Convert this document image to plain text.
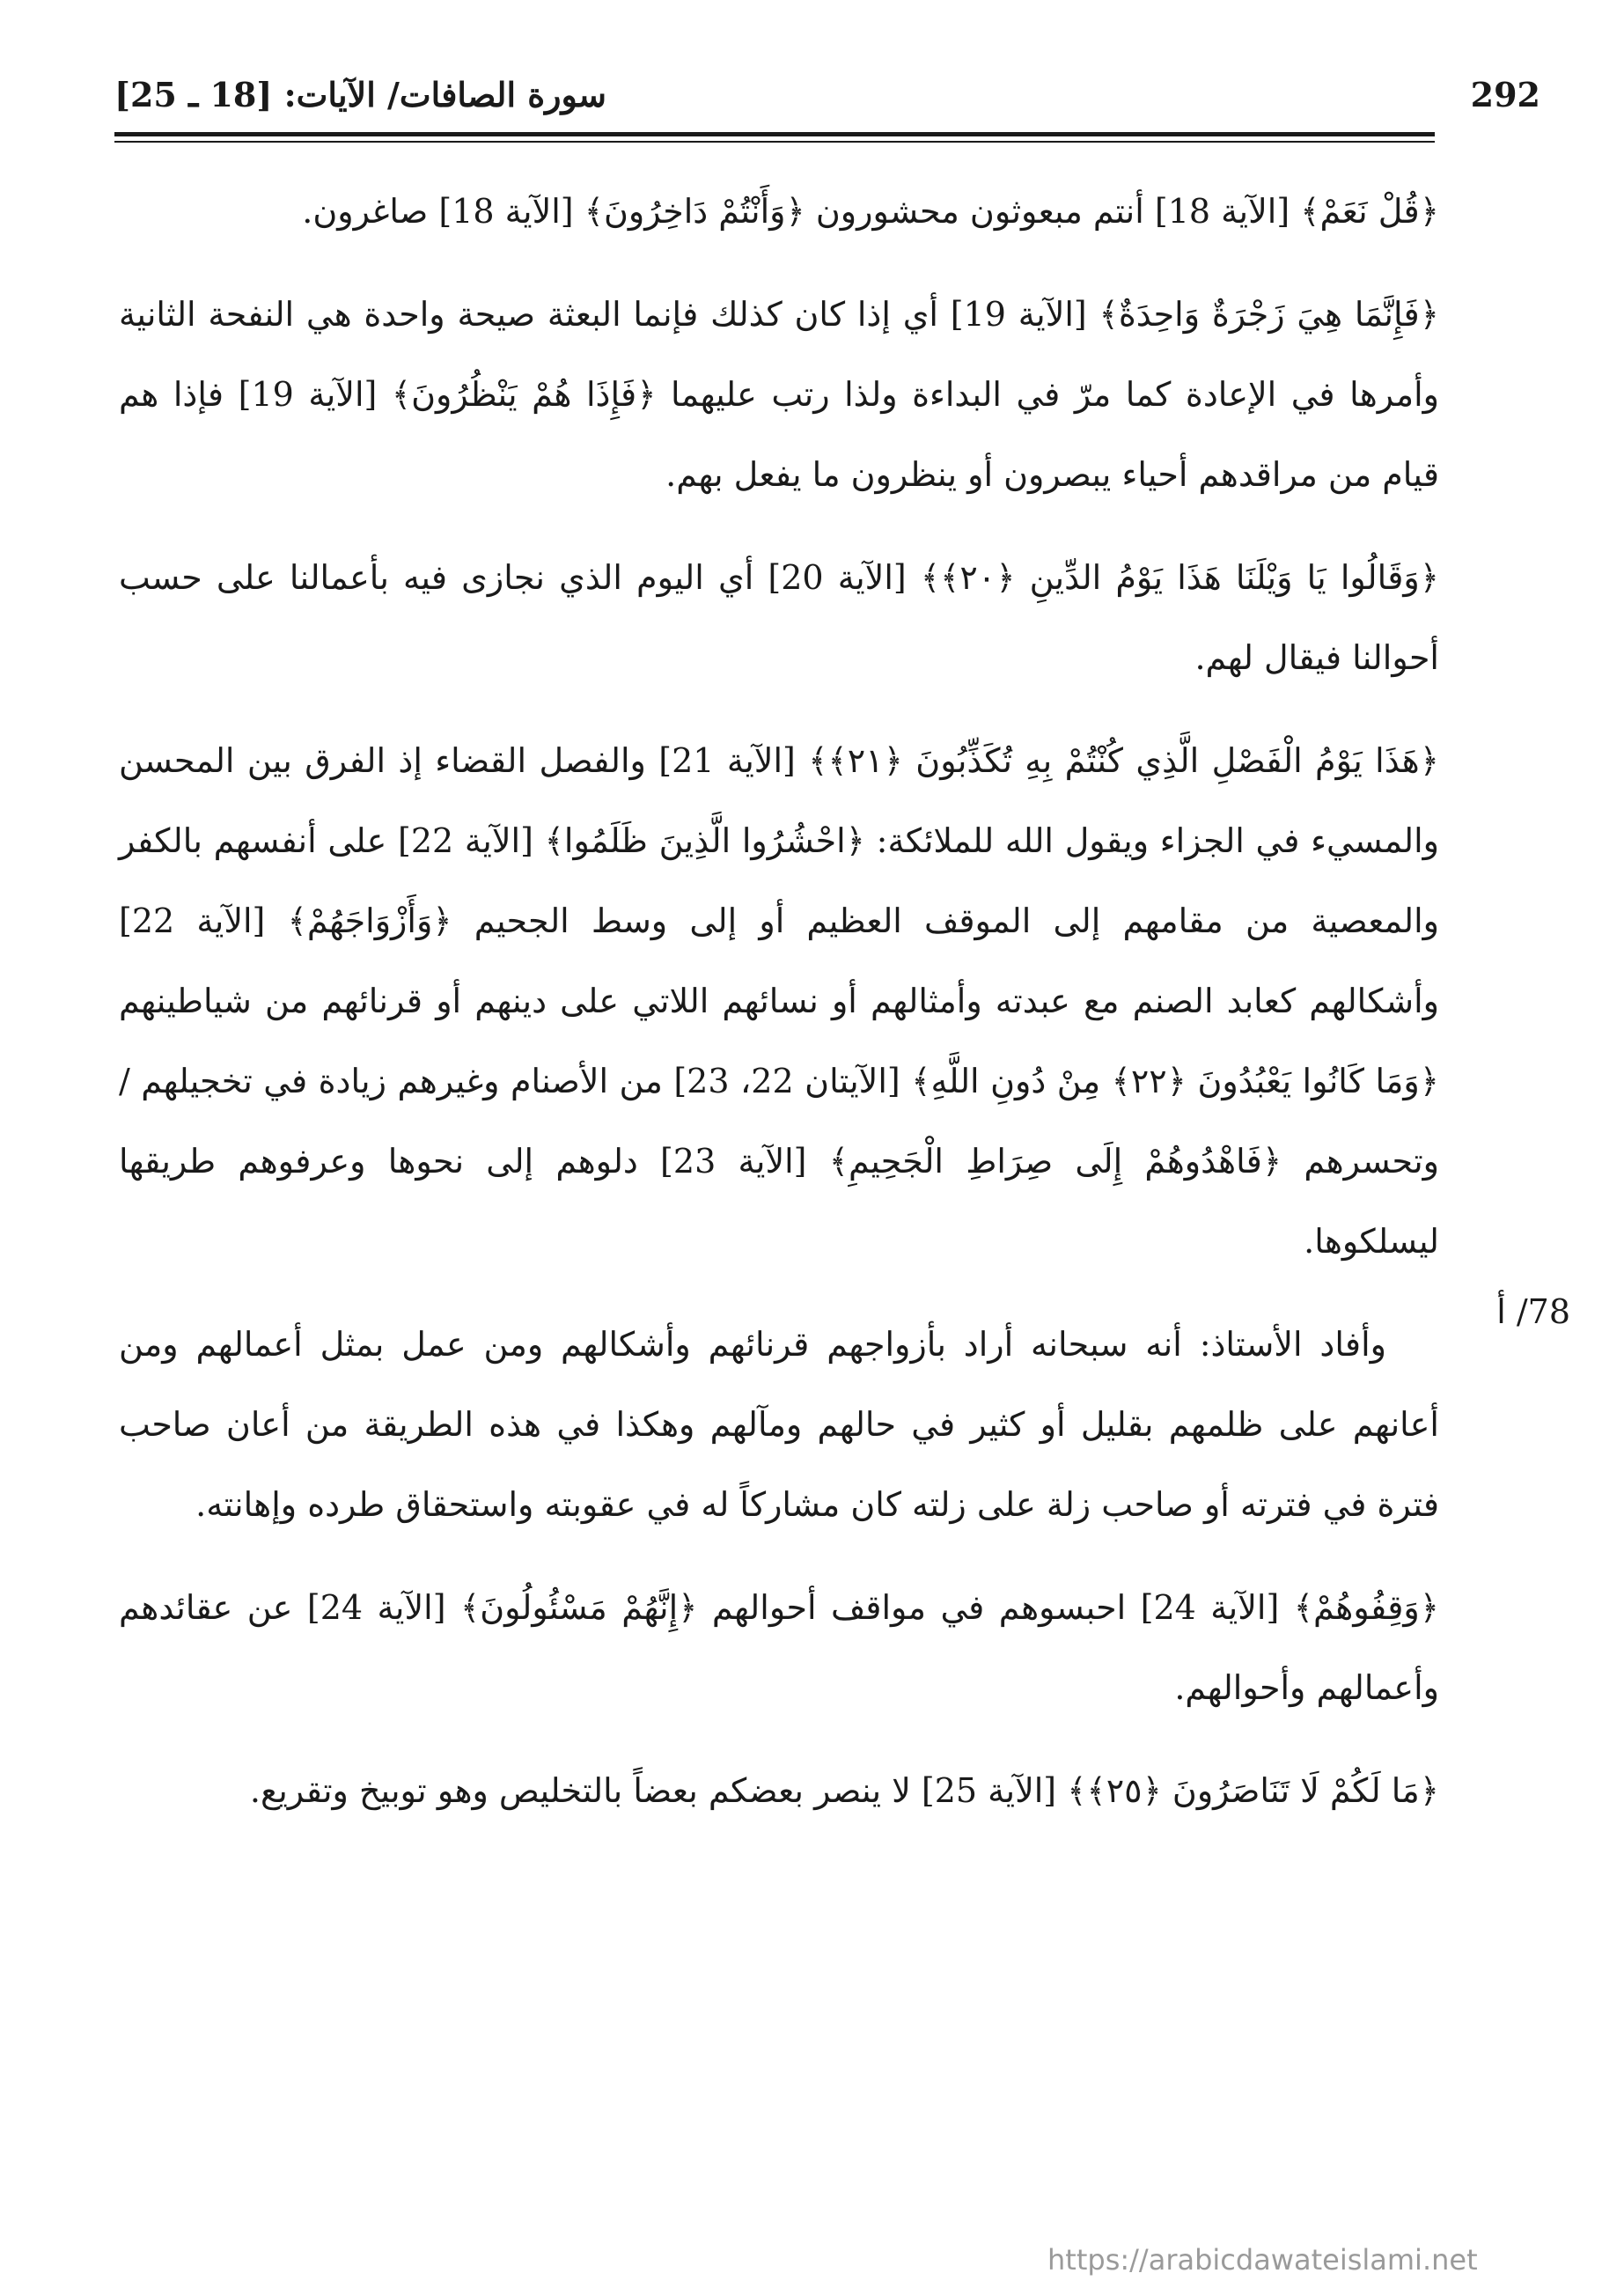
292
سورة الصافات/ الآيات: [18 ـ 25]

﴿قُلْ نَعَمْ﴾ [الآية 18] أنتم مبعوثون محشورون ﴿وَأَنْتُمْ دَاخِرُونَ﴾ [الآية 18] صاغرون.

﴿فَإِنَّمَا هِيَ زَجْرَةٌ وَاحِدَةٌ﴾ [الآية 19] أي إذا كان كذلك فإنما البعثة صيحة واحدة هي النفحة الثانية وأمرها في الإعادة كما مرّ في البداءة ولذا رتب عليهما ﴿فَإِذَا هُمْ يَنْظُرُونَ﴾ [الآية 19] فإذا هم قيام من مراقدهم أحياء يبصرون أو ينظرون ما يفعل بهم.

﴿وَقَالُوا يَا وَيْلَنَا هَذَا يَوْمُ الدِّينِ ﴿٢٠﴾﴾ [الآية 20] أي اليوم الذي نجازى فيه بأعمالنا على حسب أحوالنا فيقال لهم.

﴿هَذَا يَوْمُ الْفَصْلِ الَّذِي كُنْتُمْ بِهِ تُكَذِّبُونَ ﴿٢١﴾﴾ [الآية 21] والفصل القضاء إذ الفرق بين المحسن والمسيء في الجزاء ويقول الله للملائكة: ﴿احْشُرُوا الَّذِينَ ظَلَمُوا﴾ [الآية 22] على أنفسهم بالكفر والمعصية من مقامهم إلى الموقف العظيم أو إلى وسط الجحيم ﴿وَأَزْوَاجَهُمْ﴾ [الآية 22] وأشكالهم كعابد الصنم مع عبدته وأمثالهم أو نسائهم اللاتي على دينهم أو قرنائهم من شياطينهم ﴿وَمَا كَانُوا يَعْبُدُونَ ﴿٢٢﴾ مِنْ دُونِ اللَّهِ﴾ [الآيتان 22، 23] من الأصنام وغيرهم زيادة في تخجيلهم / وتحسرهم ﴿فَاهْدُوهُمْ إِلَى صِرَاطِ الْجَحِيمِ﴾ [الآية 23] دلوهم إلى نحوها وعرفوهم طريقها ليسلكوها.

وأفاد الأستاذ: أنه سبحانه أراد بأزواجهم قرنائهم وأشكالهم ومن عمل بمثل أعمالهم ومن أعانهم على ظلمهم بقليل أو كثير في حالهم ومآلهم وهكذا في هذه الطريقة من أعان صاحب فترة في فترته أو صاحب زلة على زلته كان مشاركاً له في عقوبته واستحقاق طرده وإهانته.

﴿وَقِفُوهُمْ﴾ [الآية 24] احبسوهم في مواقف أحوالهم ﴿إِنَّهُمْ مَسْئُولُونَ﴾ [الآية 24] عن عقائدهم وأعمالهم وأحوالهم.

﴿مَا لَكُمْ لَا تَنَاصَرُونَ ﴿٢٥﴾﴾ [الآية 25] لا ينصر بعضكم بعضاً بالتخليص وهو توبيخ وتقريع.

78/ أ
https://arabicdawateislami.net
